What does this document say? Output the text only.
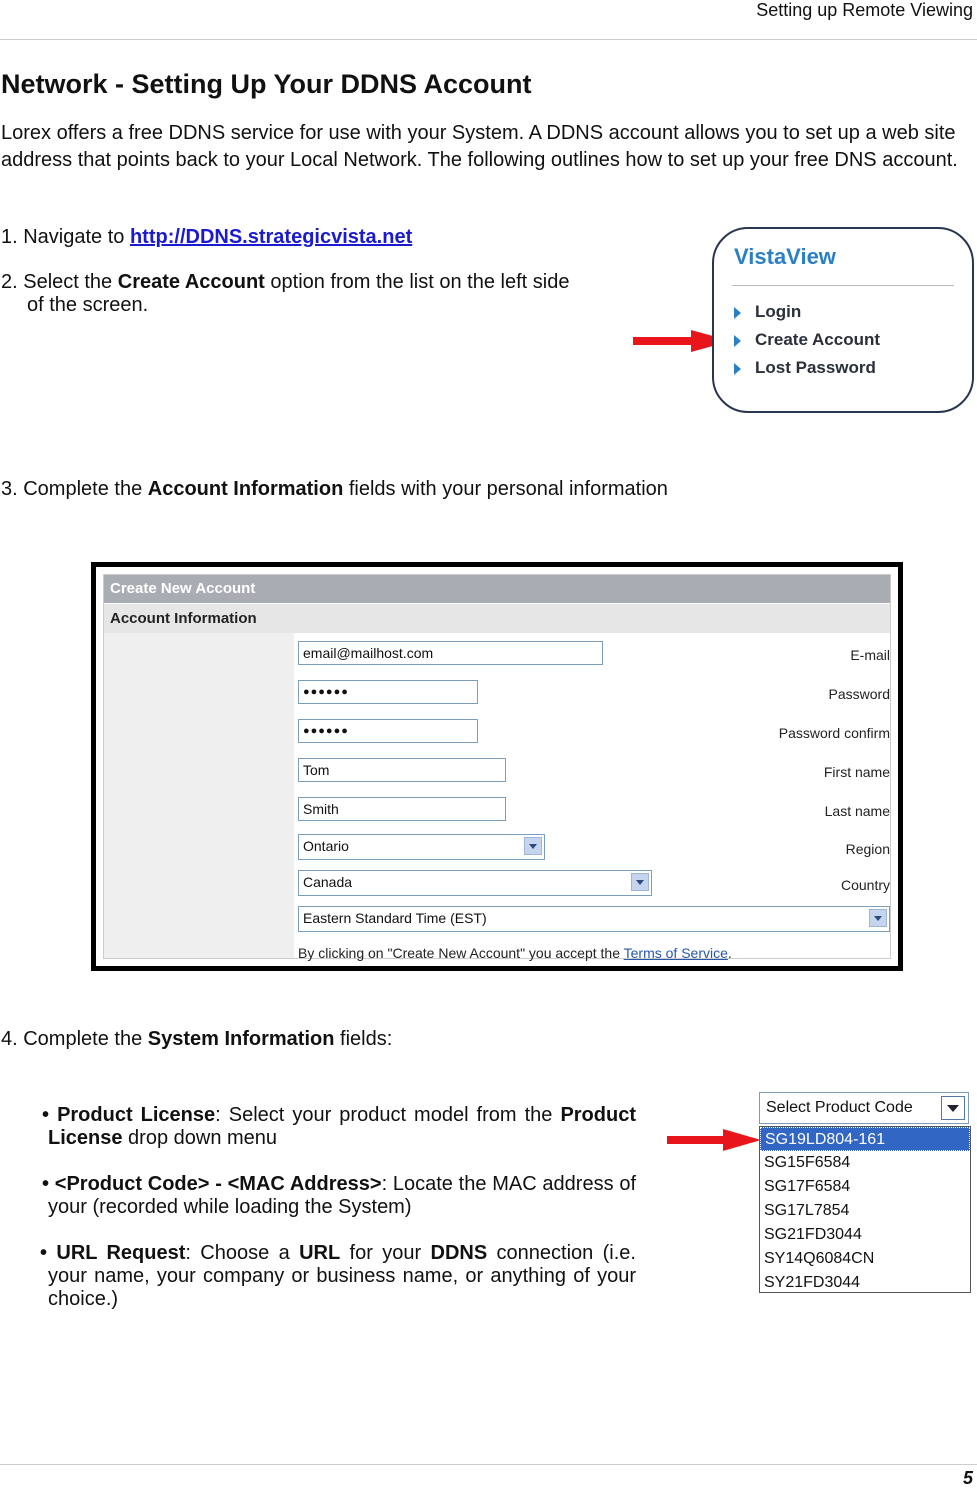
Setting up Remote Viewing
Network - Setting Up Your DDNS Account
Lorex offers a free DDNS service for use with your System. A DDNS account allows you to set up a web site address that points back to your Local Network. The following outlines how to set up your free DNS account.
1. Navigate to http://DDNS.strategicvista.net
2. Select the Create Account option from the list on the left side
of the screen.
VistaView
Login
Create Account
Lost Password
3. Complete the Account Information fields with your personal information
Create New Account
Account Information
E-mail
email@mailhost.com
Password
●●●●●●
Password confirm
●●●●●●
First name
Tom
Last name
Smith
Region
Ontario
Country
Canada
Eastern Standard Time (EST)
By clicking on "Create New Account" you accept the Terms of Service.
4. Complete the System Information fields:

• Product License: Select your product model from the Product License drop down menu

• <Product Code> - <MAC Address>: Locate the MAC address of your (recorded while loading the System)

• URL Request: Choose a URL for your DDNS connection (i.e. your name, your company or business name, or anything of your choice.)

Select Product Code
SG19LD804-161
SG15F6584
SG17F6584
SG17L7854
SG21FD3044
SY14Q6084CN
SY21FD3044
5
